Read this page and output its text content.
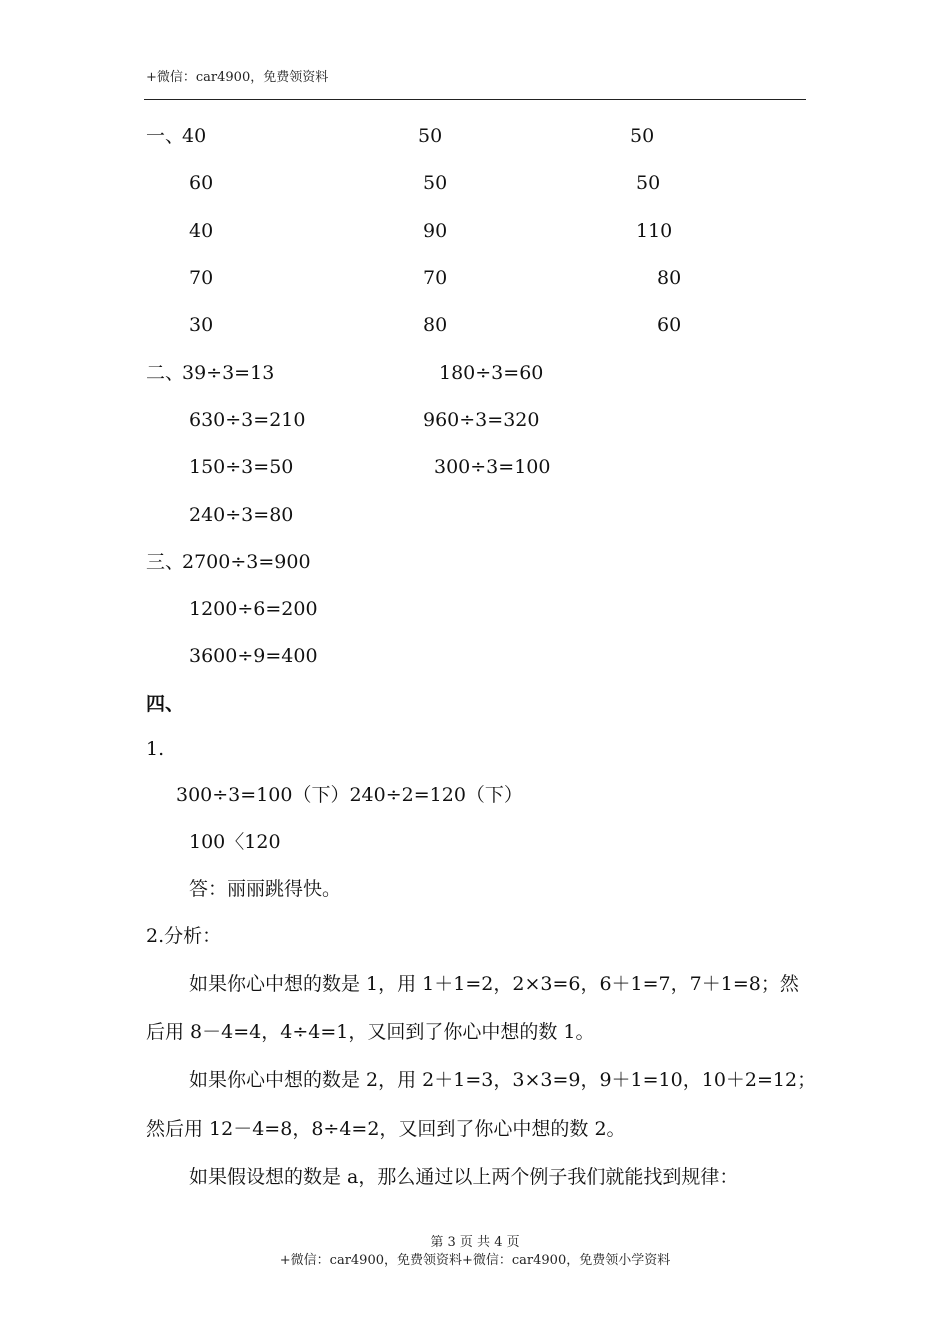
+微信：car4900，免费领资料
一、
40	50	50
60	50	50
40	90	110
70	70	80
30	80	60
二、
39÷3=13	180÷3=60
630÷3=210	960÷3=320
150÷3=50	300÷3=100
240÷3=80
三、
2700÷3=900
1200÷6=200
3600÷9=400
四、
1.
300÷3=100（下）240÷2=120（下）
100〈120
答：丽丽跳得快。
2.分析：
如果你心中想的数是 1，用 1＋1=2，2×3=6，6＋1=7，7＋1=8；然
后用 8－4=4，4÷4=1，又回到了你心中想的数 1。
如果你心中想的数是 2，用 2＋1=3，3×3=9，9＋1=10，10＋2=12；
然后用 12－4=8，8÷4=2，又回到了你心中想的数 2。
如果假设想的数是 a，那么通过以上两个例子我们就能找到规律：
第 3 页 共 4 页
+微信：car4900，免费领资料+微信：car4900，免费领小学资料
